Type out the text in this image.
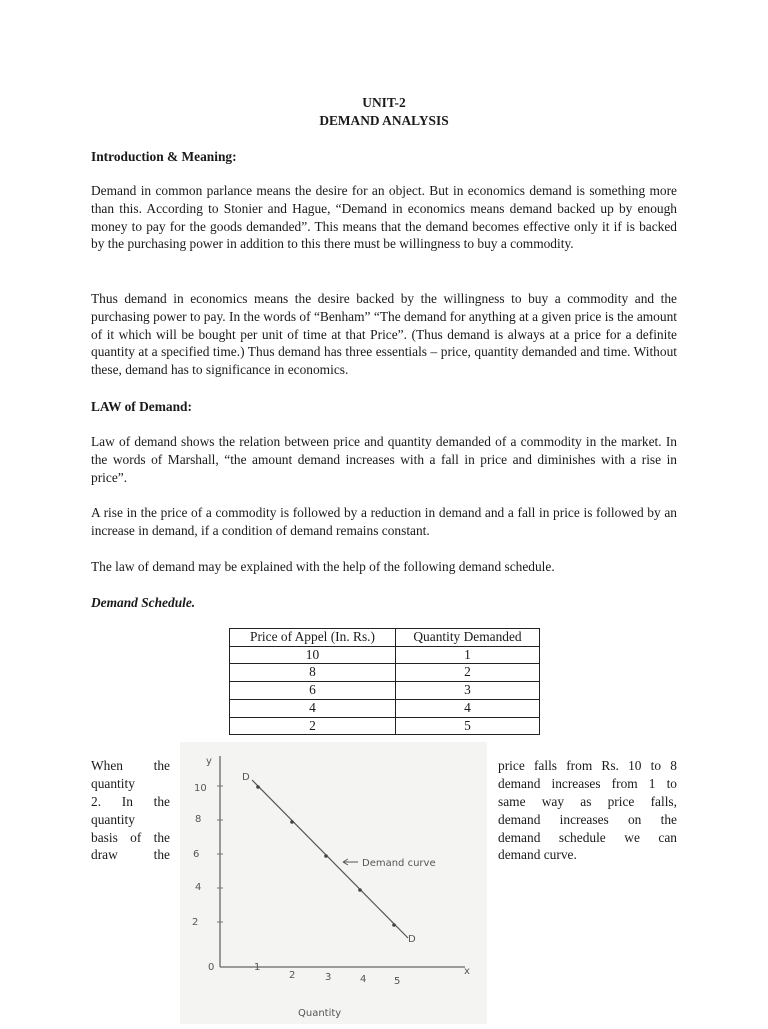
UNIT-2
DEMAND ANALYSIS
Introduction & Meaning:

Demand in common parlance means the desire for an object. But in economics demand is something more than this. According to Stonier and Hague, “Demand in economics means demand backed up by enough money to pay for the goods demanded”. This means that the demand becomes effective only it if is backed by the purchasing power in addition to this there must be willingness to buy a commodity.

Thus demand in economics means the desire backed by the willingness to buy a commodity and the purchasing power to pay. In the words of “Benham” “The demand for anything at a given price is the amount of it which will be bought per unit of time at that Price”. (Thus demand is always at a price for a definite quantity at a specified time.) Thus demand has three essentials – price, quantity demanded and time. Without these, demand has to significance in economics.

LAW of Demand:

Law of demand shows the relation between price and quantity demanded of a commodity in the market. In the words of Marshall, “the amount demand increases with a fall in price and diminishes with a rise in price”.

A rise in the price of a commodity is followed by a reduction in demand and a fall in price is followed by an increase in demand, if a condition of demand remains constant.

The law of demand may be explained with the help of the following demand schedule.

Demand Schedule.
Price of Appel (In. Rs.)	Quantity Demanded
10	1
8	2
6	3
4	4
2	5
When the
quantity
2. In the
quantity
basis of the
draw	the
price falls from Rs. 10 to 8
demand increases from 1 to
same way as price falls,
demand increases on the
demand schedule we can
demand curve.
y
x
0
10
8
6
4
2
1
2	3	4	5
D
D
Demand curve
Quantity
